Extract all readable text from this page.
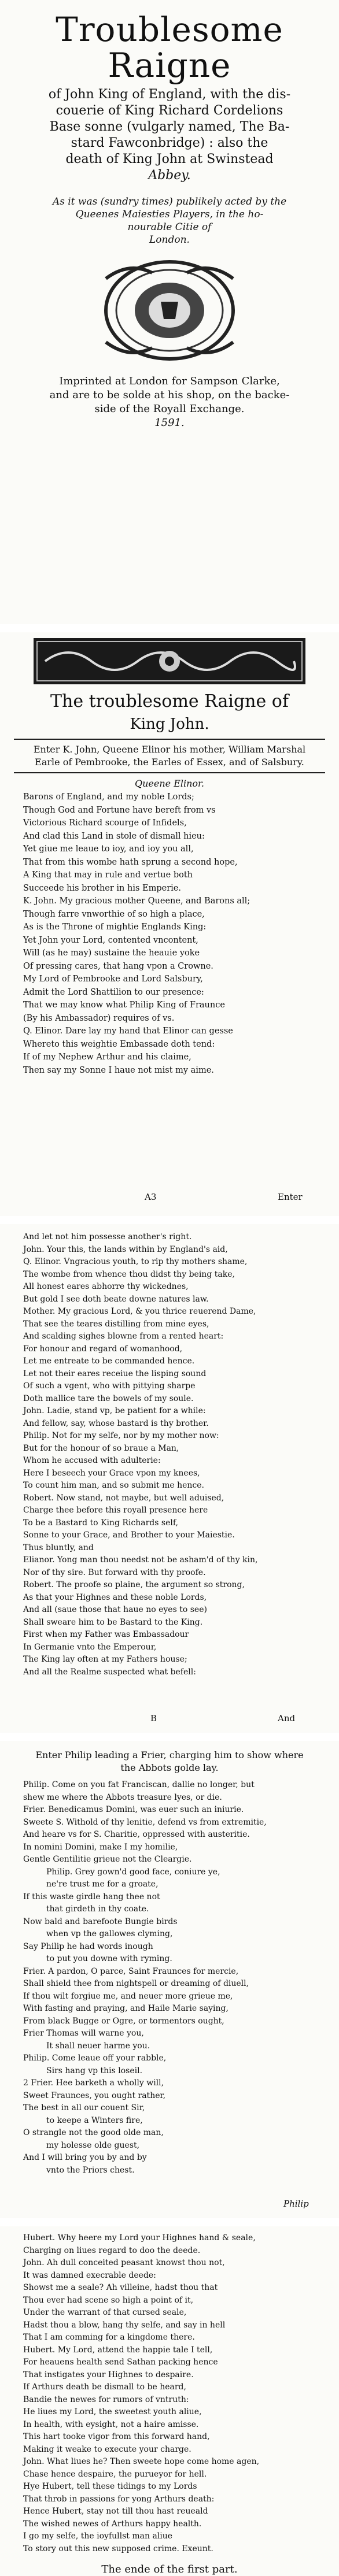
Troublesome Raigne
of John King of England, with the dis-
couerie of King Richard Cordelions
Base sonne (vulgarly named, The Ba-
stard Fawconbridge) : also the
death of King John at Swinstead
Abbey.
As it was (sundry times) publikely acted by the
Queenes Maiesties Players, in the ho-
nourable Citie of
London.
Imprinted at London for Sampson Clarke,
and are to be solde at his shop, on the backe-
side of the Royall Exchange.
1591.
The troublesome Raigne of
King John.
Enter K. John, Queene Elinor his mother, William Marshal
Earle of Pembrooke, the Earles of Essex, and of Salsbury.
Queene Elinor.
Barons of England, and my noble Lords;
Though God and Fortune have bereft from vs
Victorious Richard scourge of Infidels,
And clad this Land in stole of dismall hieu:
Yet giue me leaue to ioy, and ioy you all,
That from this wombe hath sprung a second hope,
A King that may in rule and vertue both
Succeede his brother in his Emperie.
K. John. My gracious mother Queene, and Barons all;
Though farre vnworthie of so high a place,
As is the Throne of mightie Englands King:
Yet John your Lord, contented vncontent,
Will (as he may) sustaine the heauie yoke
Of pressing cares, that hang vpon a Crowne.
My Lord of Pembrooke and Lord Salsbury,
Admit the Lord Shattilion to our presence:
That we may know what Philip King of Fraunce
(By his Ambassador) requires of vs.
Q. Elinor. Dare lay my hand that Elinor can gesse
Whereto this weightie Embassade doth tend:
If of my Nephew Arthur and his claime,
Then say my Sonne I haue not mist my aime.
A3	Enter
And let not him possesse another's right.
John. Your this, the lands within by England's aid,
Q. Elinor. Vngracious youth, to rip thy mothers shame,
The wombe from whence thou didst thy being take,
All honest eares abhorre thy wickednes,
But gold I see doth beate downe natures law.
Mother. My gracious Lord, & you thrice reuerend Dame,
That see the teares distilling from mine eyes,
And scalding sighes blowne from a rented heart:
For honour and regard of womanhood,
Let me entreate to be commanded hence.
Let not their eares receiue the lisping sound
Of such a vgent, who with pittying sharpe
Doth mallice tare the bowels of my soule.
John. Ladie, stand vp, be patient for a while:
And fellow, say, whose bastard is thy brother.
Philip. Not for my selfe, nor by my mother now:
But for the honour of so braue a Man,
Whom he accused with adulterie:
Here I beseech your Grace vpon my knees,
To count him man, and so submit me hence.
Robert. Now stand, not maybe, but well aduised,
Charge thee before this royall presence here
To be a Bastard to King Richards self,
Sonne to your Grace, and Brother to your Maiestie.
Thus bluntly, and
Elianor. Yong man thou needst not be asham'd of thy kin,
Nor of thy sire. But forward with thy proofe.
Robert. The proofe so plaine, the argument so strong,
As that your Highnes and these noble Lords,
And all (saue those that haue no eyes to see)
Shall sweare him to be Bastard to the King.
First when my Father was Embassadour
In Germanie vnto the Emperour,
The King lay often at my Fathers house;
And all the Realme suspected what befell:
B	And
Enter Philip leading a Frier, charging him to show where
the Abbots golde lay.
Philip. Come on you fat Franciscan, dallie no longer, but
shew me where the Abbots treasure lyes, or die.
Frier. Benedicamus Domini, was euer such an iniurie.
Sweete S. Withold of thy lenitie, defend vs from extremitie,
And heare vs for S. Charitie, oppressed with austeritie.
In nomini Domini, make I my homilie,
Gentle Gentilitie grieue not the Cleargie.
Philip. Grey gown'd good face, coniure ye,
ne're trust me for a groate,
If this waste girdle hang thee not
that girdeth in thy coate.
Now bald and barefoote Bungie birds
when vp the gallowes clyming,
Say Philip he had words inough
to put you downe with ryming.
Frier. A pardon, O parce, Saint Fraunces for mercie,
Shall shield thee from nightspell or dreaming of diuell,
If thou wilt forgiue me, and neuer more grieue me,
With fasting and praying, and Haile Marie saying,
From black Bugge or Ogre, or tormentors ought,
Frier Thomas will warne you,
It shall neuer harme you.
Philip. Come leaue off your rabble,
Sirs hang vp this loseil.
2 Frier. Hee barketh a wholly will,
Sweet Fraunces, you ought rather,
The best in all our couent Sir,
to keepe a Winters fire,
O strangle not the good olde man,
my holesse olde guest,
And I will bring you by and by
vnto the Priors chest.
Philip
Hubert. Why heere my Lord your Highnes hand & seale,
Charging on liues regard to doo the deede.
John. Ah dull conceited peasant knowst thou not,
It was damned execrable deede:
Showst me a seale? Ah villeine, hadst thou that
Thou ever had scene so high a point of it,
Under the warrant of that cursed seale,
Hadst thou a blow, hang thy selfe, and say in hell
That I am comming for a kingdome there.
Hubert. My Lord, attend the happie tale I tell,
For heauens health send Sathan packing hence
That instigates your Highnes to despaire.
If Arthurs death be dismall to be heard,
Bandie the newes for rumors of vntruth:
He liues my Lord, the sweetest youth aliue,
In health, with eysight, not a haire amisse.
This hart tooke vigor from this forward hand,
Making it weake to execute your charge.
John. What liues he? Then sweete hope come home agen,
Chase hence despaire, the purueyor for hell.
Hye Hubert, tell these tidings to my Lords
That throb in passions for yong Arthurs death:
Hence Hubert, stay not till thou hast reueald
The wished newes of Arthurs happy health.
I go my selfe, the ioyfullst man aliue
To story out this new supposed crime. Exeunt.
The ende of the first part.
